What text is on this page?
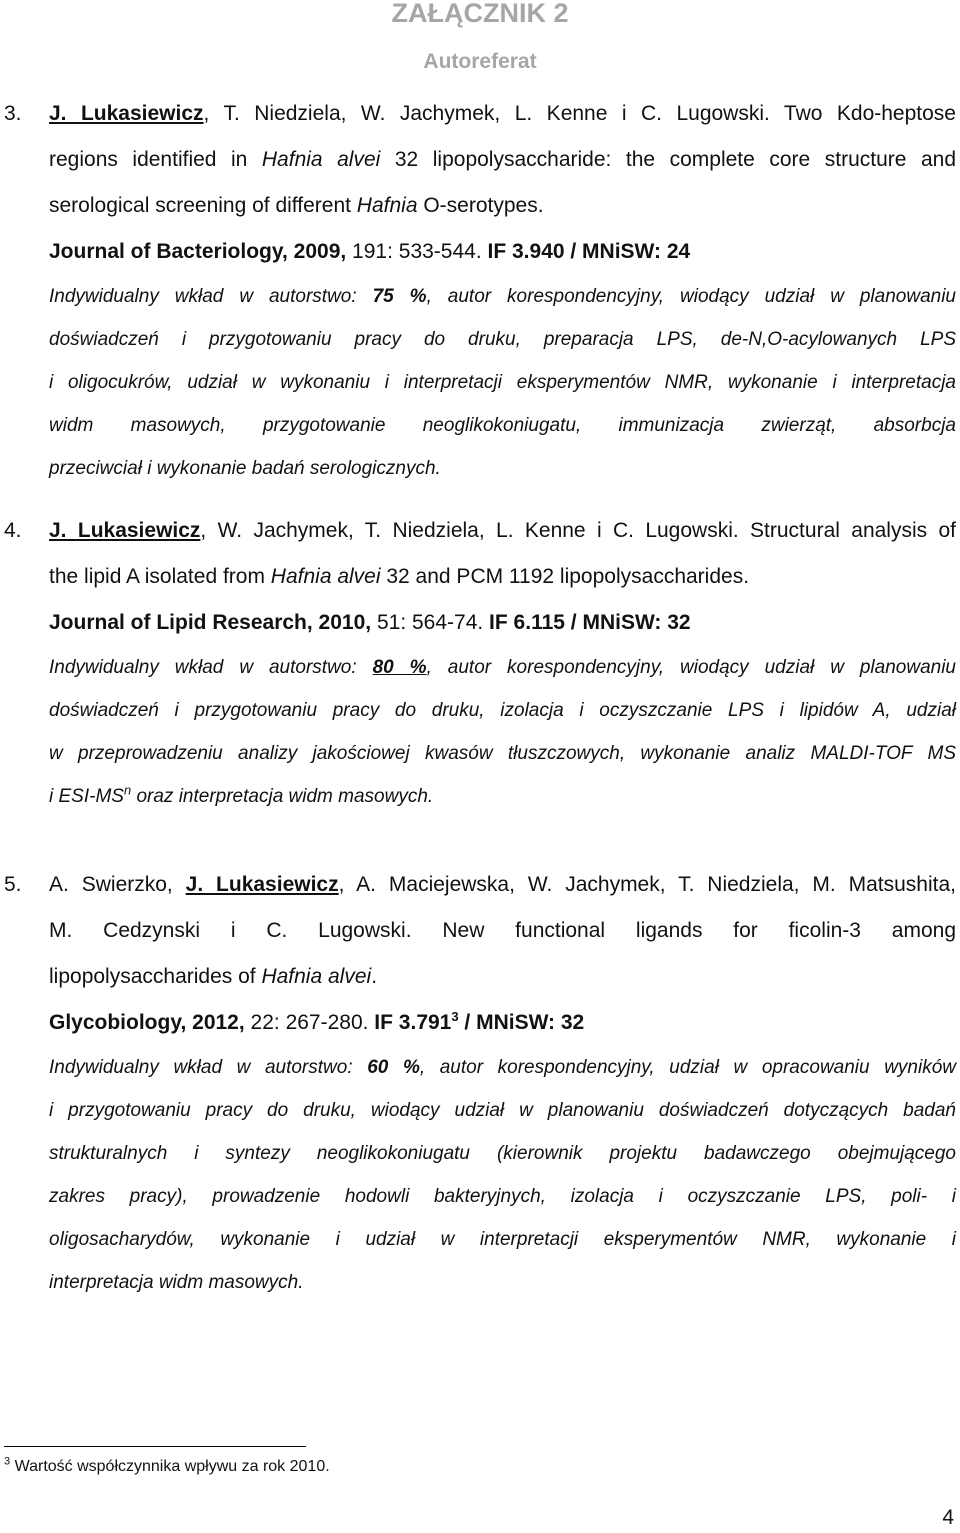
ZAŁĄCZNIK 2
Autoreferat
3. J. Lukasiewicz, T. Niedziela, W. Jachymek, L. Kenne i C. Lugowski. Two Kdo-heptose
regions identified in Hafnia alvei 32 lipopolysaccharide: the complete core structure and
serological screening of different Hafnia O-serotypes.
Journal of Bacteriology, 2009, 191: 533-544. IF 3.940 / MNiSW: 24
Indywidualny wkład w autorstwo: 75 %, autor korespondencyjny, wiodący udział w planowaniu
doświadczeń i przygotowaniu pracy do druku, preparacja LPS, de-N,O-acylowanych LPS
i oligocukrów, udział w wykonaniu i interpretacji eksperymentów NMR, wykonanie i interpretacja
widm masowych, przygotowanie neoglikokoniugatu, immunizacja zwierząt, absorbcja
przeciwciał i wykonanie badań serologicznych.
4. J. Lukasiewicz, W. Jachymek, T. Niedziela, L. Kenne i C. Lugowski. Structural analysis of
the lipid A isolated from Hafnia alvei 32 and PCM 1192 lipopolysaccharides.
Journal of Lipid Research, 2010, 51: 564-74. IF 6.115 / MNiSW: 32
Indywidualny wkład w autorstwo: 80 %, autor korespondencyjny, wiodący udział w planowaniu
doświadczeń i przygotowaniu pracy do druku, izolacja i oczyszczanie LPS i lipidów A, udział
w przeprowadzeniu analizy jakościowej kwasów tłuszczowych, wykonanie analiz MALDI-TOF MS
i ESI-$MS^n$ oraz interpretacja widm masowych.
5. A. Swierzko, J. Lukasiewicz, A. Maciejewska, W. Jachymek, T. Niedziela, M. Matsushita,
M. Cedzynski i C. Lugowski. New functional ligands for ficolin-3 among
lipopolysaccharides of Hafnia alvei.
Glycobiology, 2012, 22: 267-280. IF 3.791$^3$ / MNiSW: 32
Indywidualny wkład w autorstwo: 60 %, autor korespondencyjny, udział w opracowaniu wyników
i przygotowaniu pracy do druku, wiodący udział w planowaniu doświadczeń dotyczących badań
strukturalnych i syntezy neoglikokoniugatu (kierownik projektu badawczego obejmującego
zakres pracy), prowadzenie hodowli bakteryjnych, izolacja i oczyszczanie LPS, poli- i
oligosacharydów, wykonanie i udział w interpretacji eksperymentów NMR, wykonanie i
interpretacja widm masowych.
$^3$ Wartość współczynnika wpływu za rok 2010.
4
